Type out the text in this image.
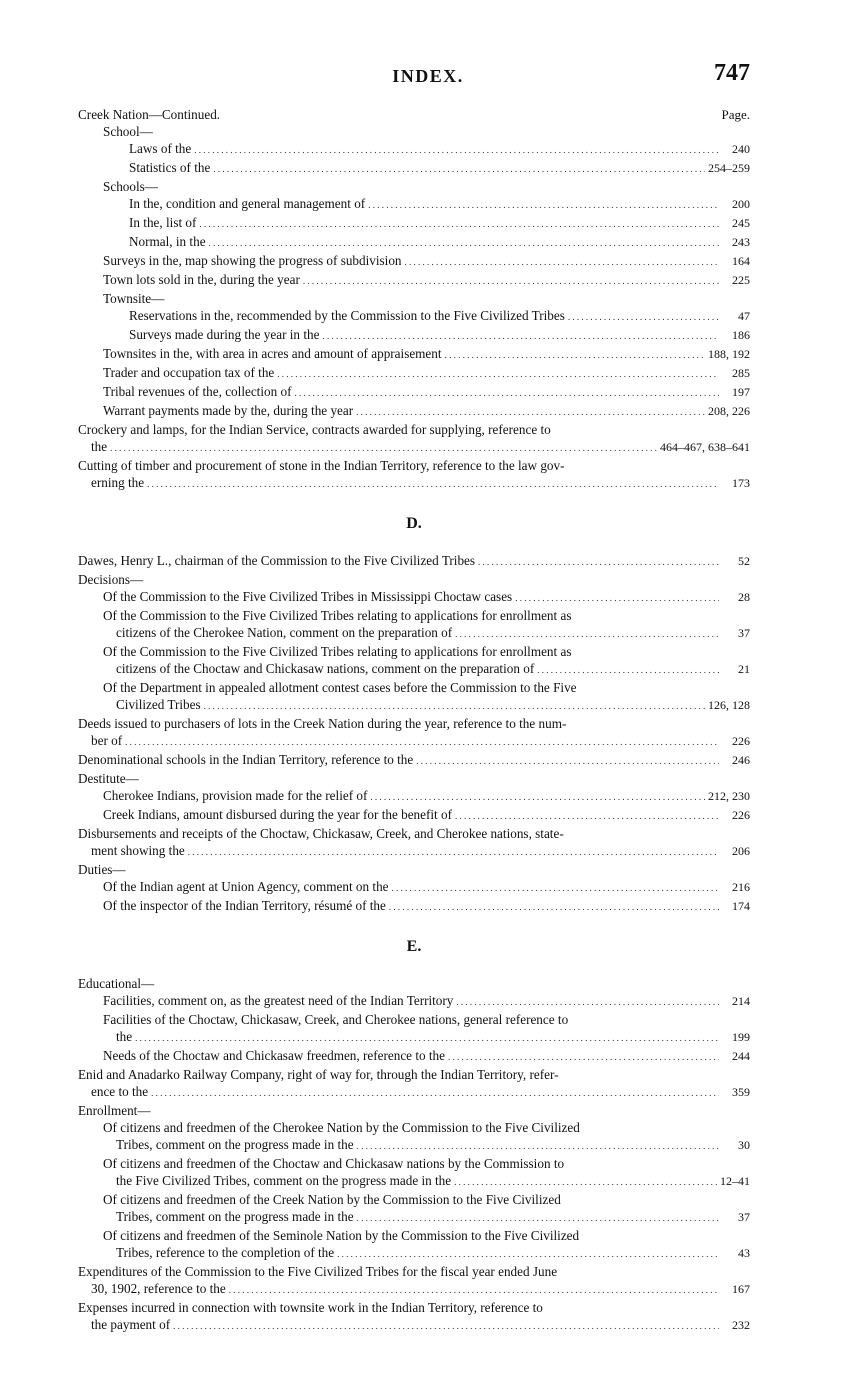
INDEX.	747
Creek Nation—Continued.	Page.
School—
Laws of the . . .	240
Statistics of the . . .	254–259
Schools—
In the, condition and general management of . . .	200
In the, list of . . .	245
Normal, in the . . .	243
Surveys in the, map showing the progress of subdivision . . .	164
Town lots sold in the, during the year . . .	225
Townsite—
Reservations in the, recommended by the Commission to the Five Civilized Tribes . . .	47
Surveys made during the year in the . . .	186
Townsites in the, with area in acres and amount of appraisement . . .	188, 192
Trader and occupation tax of the . . .	285
Tribal revenues of the, collection of . . .	197
Warrant payments made by the, during the year . . .	208, 226
Crockery and lamps, for the Indian Service, contracts awarded for supplying, reference to
the . . .	464–467, 638–641
Cutting of timber and procurement of stone in the Indian Territory, reference to the law gov-
erning the . . .	173
D.
Dawes, Henry L., chairman of the Commission to the Five Civilized Tribes . . .	52
Decisions—
Of the Commission to the Five Civilized Tribes in Mississippi Choctaw cases . . .	28
Of the Commission to the Five Civilized Tribes relating to applications for enrollment as
citizens of the Cherokee Nation, comment on the preparation of . . .	37
Of the Commission to the Five Civilized Tribes relating to applications for enrollment as
citizens of the Choctaw and Chickasaw nations, comment on the preparation of . . .	21
Of the Department in appealed allotment contest cases before the Commission to the Five
Civilized Tribes . . .	126, 128
Deeds issued to purchasers of lots in the Creek Nation during the year, reference to the num-
ber of . . .	226
Denominational schools in the Indian Territory, reference to the . . .	246
Destitute—
Cherokee Indians, provision made for the relief of . . .	212, 230
Creek Indians, amount disbursed during the year for the benefit of . . .	226
Disbursements and receipts of the Choctaw, Chickasaw, Creek, and Cherokee nations, state-
ment showing the . . .	206
Duties—
Of the Indian agent at Union Agency, comment on the . . .	216
Of the inspector of the Indian Territory, résumé of the . . .	174
E.
Educational—
Facilities, comment on, as the greatest need of the Indian Territory . . .	214
Facilities of the Choctaw, Chickasaw, Creek, and Cherokee nations, general reference to
the . . .	199
Needs of the Choctaw and Chickasaw freedmen, reference to the . . .	244
Enid and Anadarko Railway Company, right of way for, through the Indian Territory, refer-
ence to the . . .	359
Enrollment—
Of citizens and freedmen of the Cherokee Nation by the Commission to the Five Civilized
Tribes, comment on the progress made in the . . .	30
Of citizens and freedmen of the Choctaw and Chickasaw nations by the Commission to
the Five Civilized Tribes, comment on the progress made in the . . .	12–41
Of citizens and freedmen of the Creek Nation by the Commission to the Five Civilized
Tribes, comment on the progress made in the . . .	37
Of citizens and freedmen of the Seminole Nation by the Commission to the Five Civilized
Tribes, reference to the completion of the . . .	43
Expenditures of the Commission to the Five Civilized Tribes for the fiscal year ended June
30, 1902, reference to the . . .	167
Expenses incurred in connection with townsite work in the Indian Territory, reference to
the payment of . . .	232
